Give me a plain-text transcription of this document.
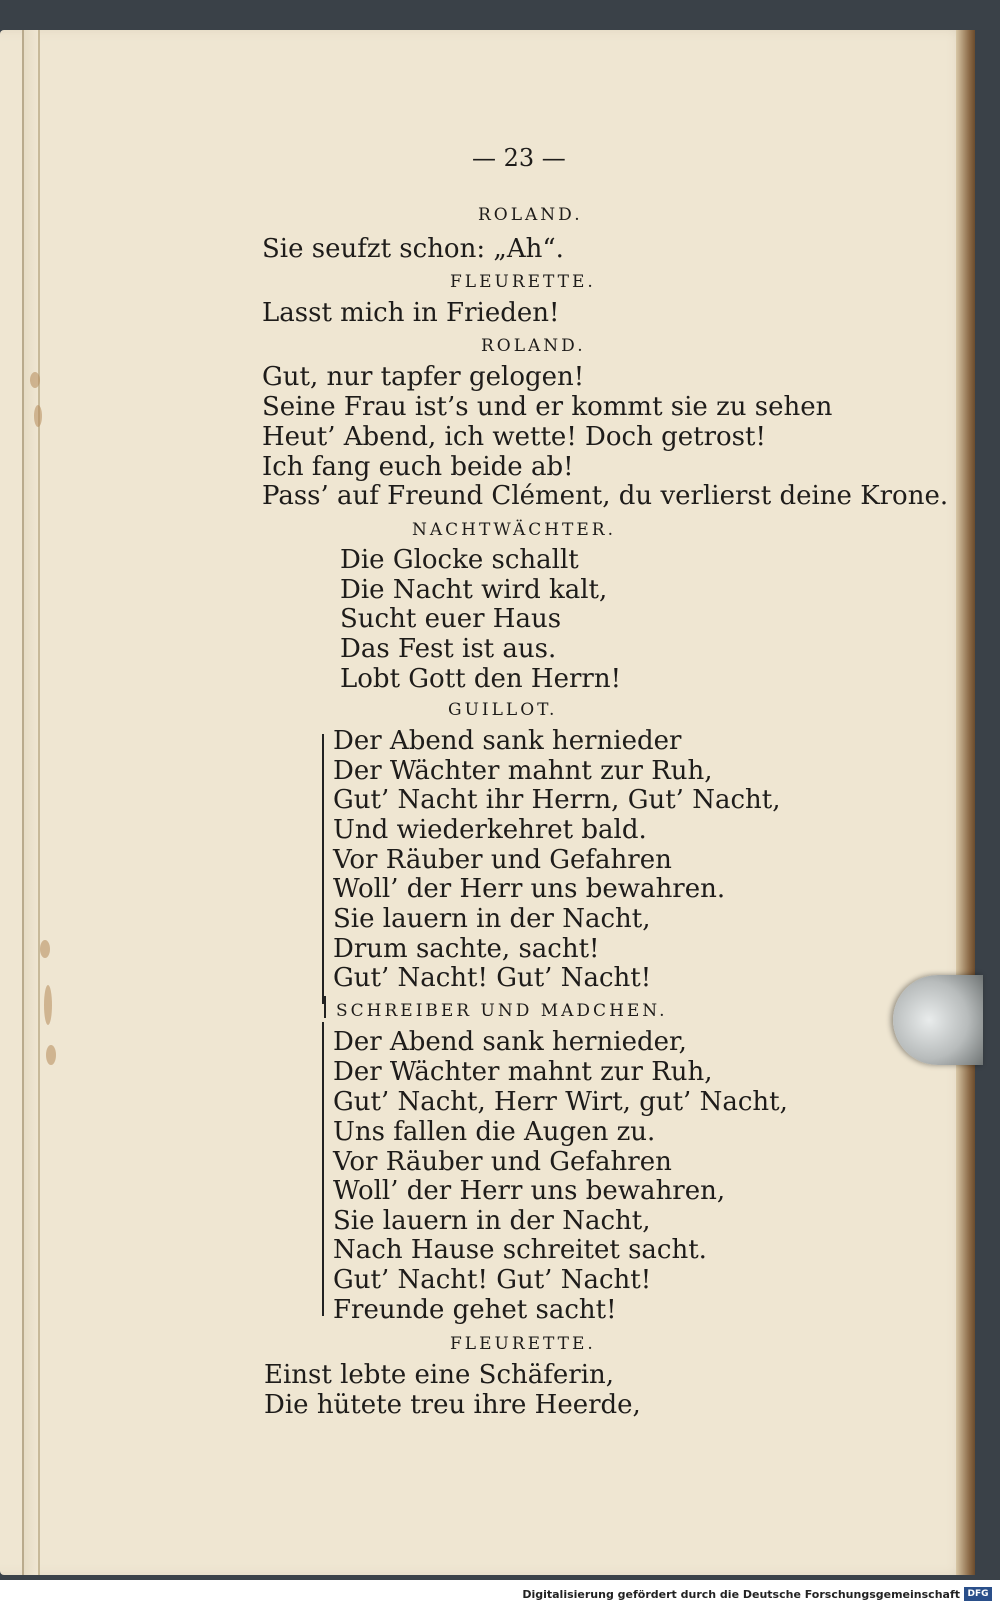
— 23 —
ROLAND.
Sie seufzt schon: „Ah“.
FLEURETTE.
Lasst mich in Frieden!
ROLAND.
Gut, nur tapfer gelogen!
Seine Frau ist’s und er kommt sie zu sehen
Heut’ Abend, ich wette! Doch getrost!
Ich fang euch beide ab!
Pass’ auf Freund Clément, du verlierst deine Krone.
NACHTWÄCHTER.
Die Glocke schallt
Die Nacht wird kalt,
Sucht euer Haus
Das Fest ist aus.
Lobt Gott den Herrn!
GUILLOT.
Der Abend sank hernieder
Der Wächter mahnt zur Ruh,
Gut’ Nacht ihr Herrn, Gut’ Nacht,
Und wiederkehret bald.
Vor Räuber und Gefahren
Woll’ der Herr uns bewahren.
Sie lauern in der Nacht,
Drum sachte, sacht!
Gut’ Nacht! Gut’ Nacht!
SCHREIBER UND MADCHEN.
Der Abend sank hernieder,
Der Wächter mahnt zur Ruh,
Gut’ Nacht, Herr Wirt, gut’ Nacht,
Uns fallen die Augen zu.
Vor Räuber und Gefahren
Woll’ der Herr uns bewahren,
Sie lauern in der Nacht,
Nach Hause schreitet sacht.
Gut’ Nacht! Gut’ Nacht!
Freunde gehet sacht!
FLEURETTE.
Einst lebte eine Schäferin,
Die hütete treu ihre Heerde,
Digitalisierung gefördert durch die Deutsche Forschungsgemeinschaft DFG
